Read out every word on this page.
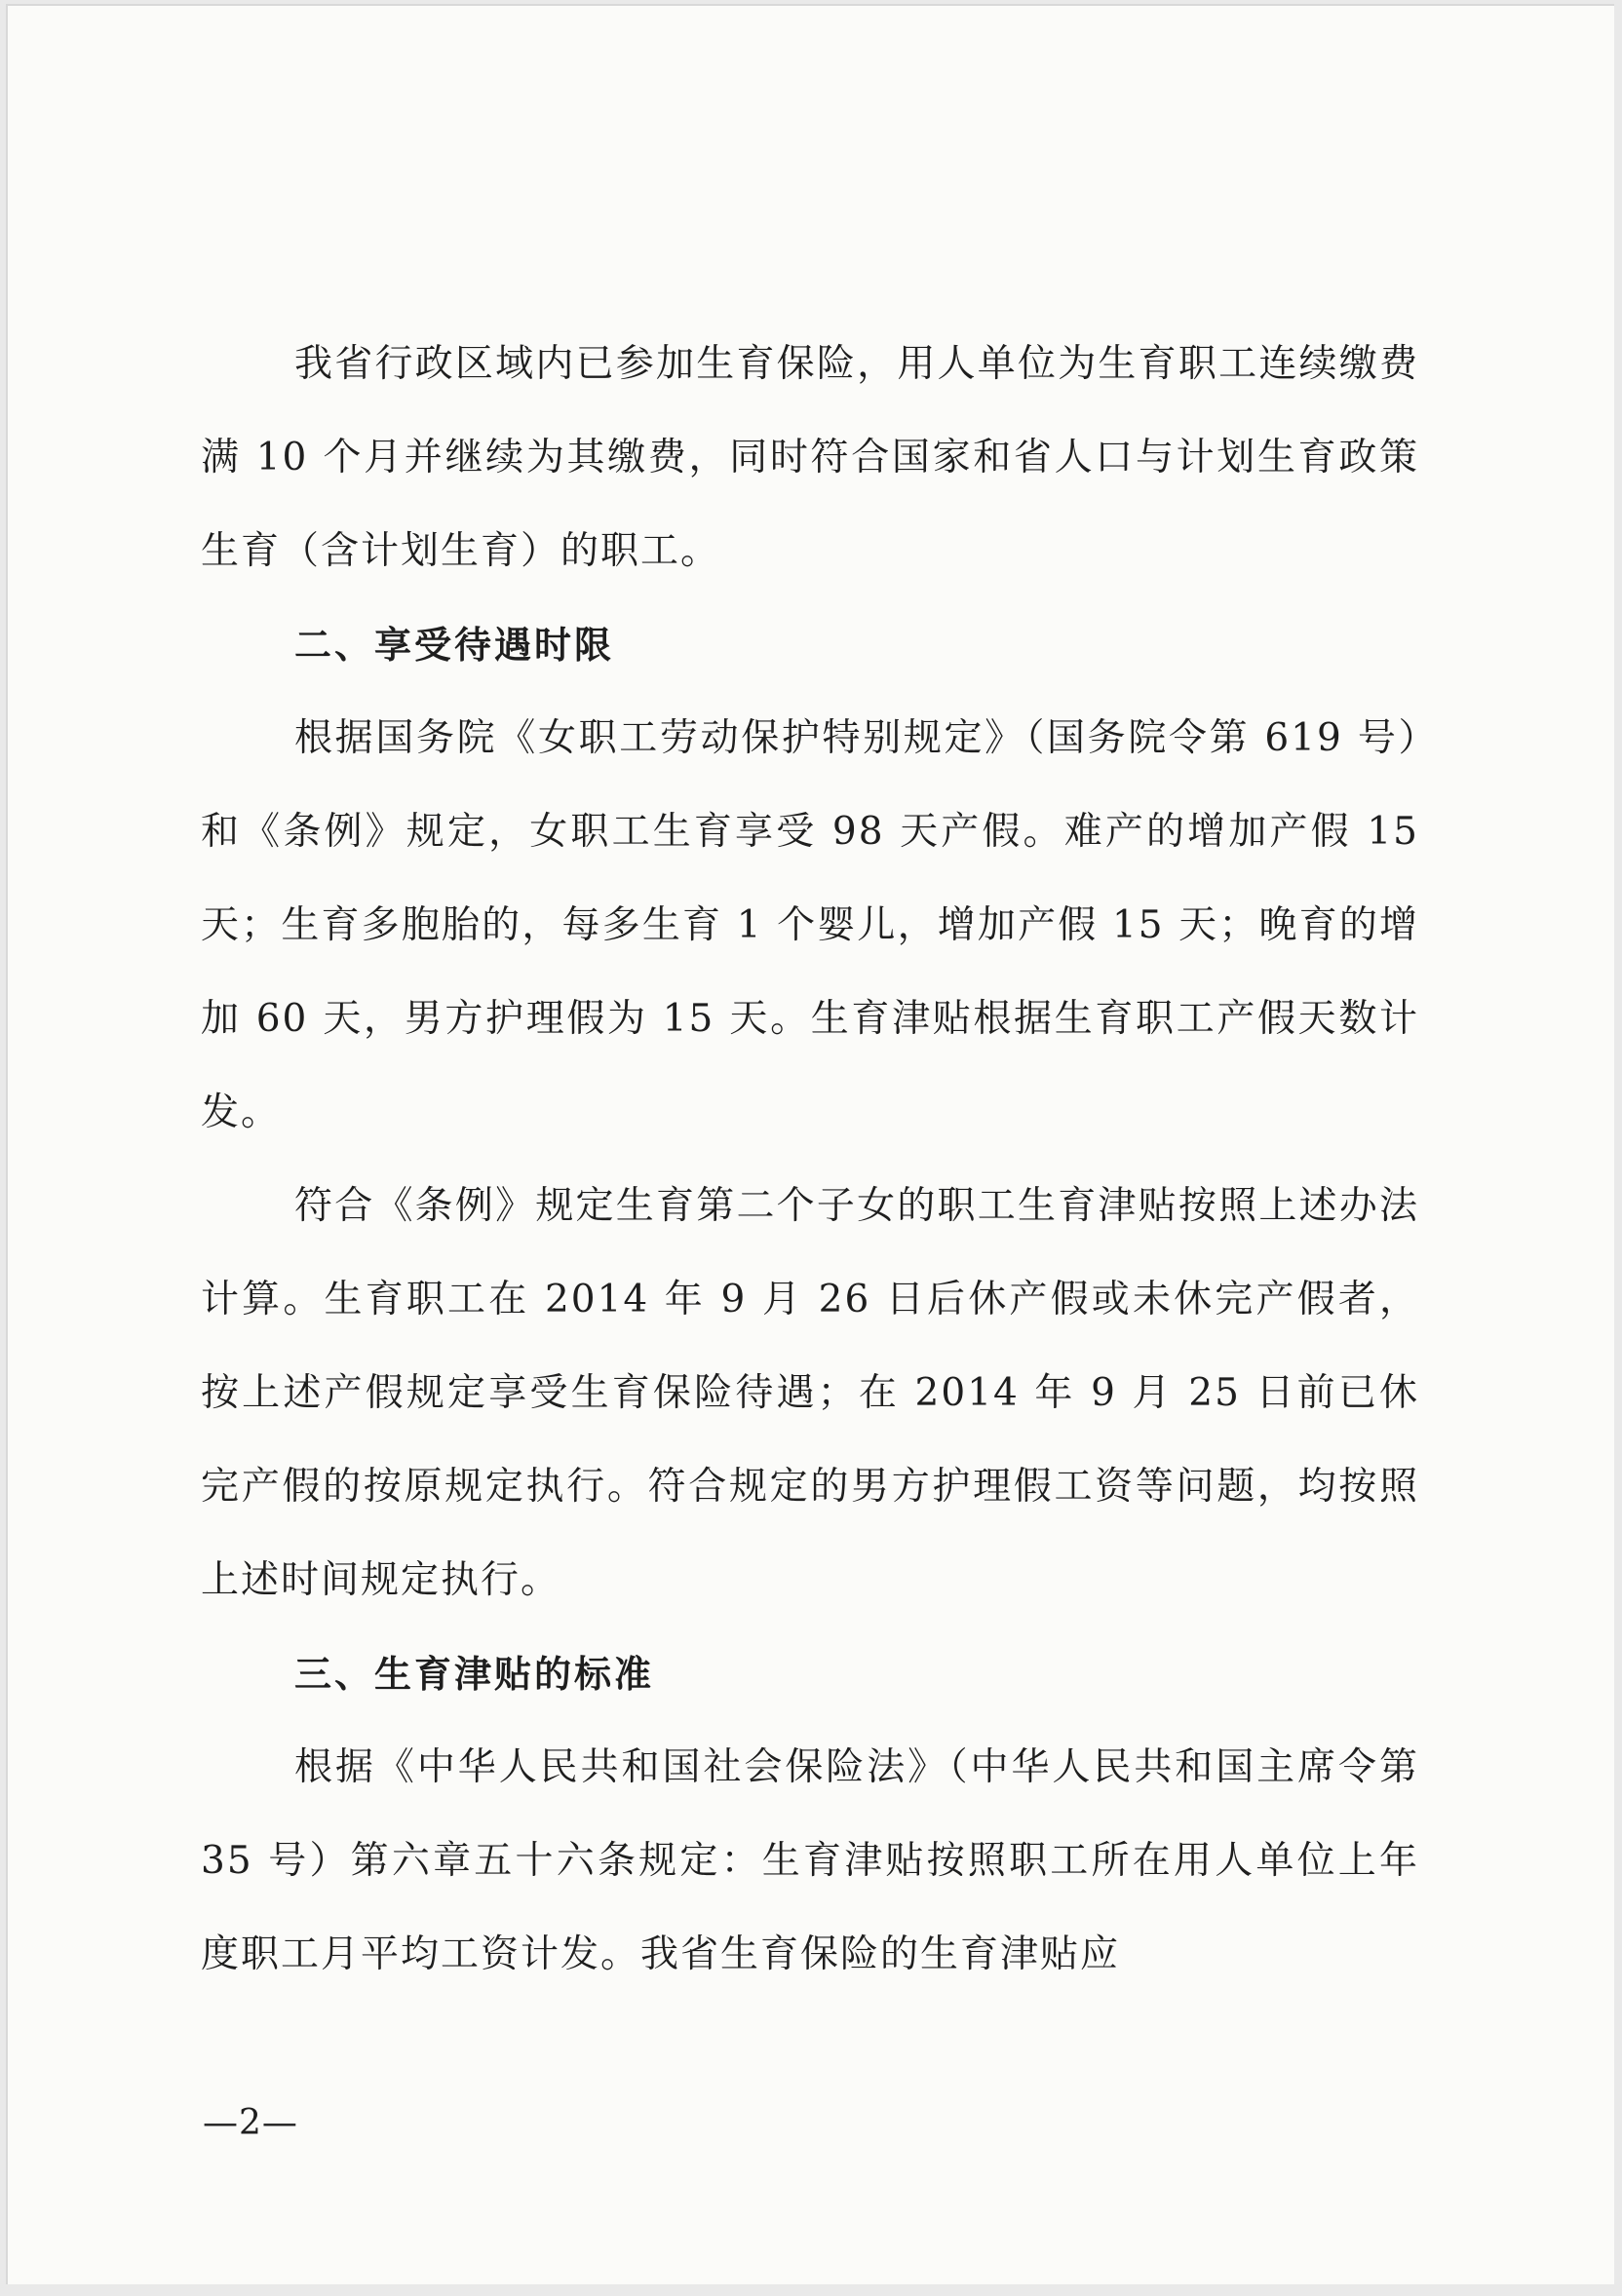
我省行政区域内已参加生育保险，用人单位为生育职工连续缴费满 10 个月并继续为其缴费，同时符合国家和省人口与计划生育政策生育（含计划生育）的职工。

二、享受待遇时限

根据国务院《女职工劳动保护特别规定》（国务院令第 619 号）和《条例》规定，女职工生育享受 98 天产假。难产的增加产假 15 天；生育多胞胎的，每多生育 1 个婴儿，增加产假 15 天；晚育的增加 60 天，男方护理假为 15 天。生育津贴根据生育职工产假天数计发。

符合《条例》规定生育第二个子女的职工生育津贴按照上述办法计算。生育职工在 2014 年 9 月 26 日后休产假或未休完产假者，按上述产假规定享受生育保险待遇；在 2014 年 9 月 25 日前已休完产假的按原规定执行。符合规定的男方护理假工资等问题，均按照上述时间规定执行。

三、生育津贴的标准

根据《中华人民共和国社会保险法》（中华人民共和国主席令第 35 号）第六章五十六条规定：生育津贴按照职工所在用人单位上年度职工月平均工资计发。我省生育保险的生育津贴应

—2—
